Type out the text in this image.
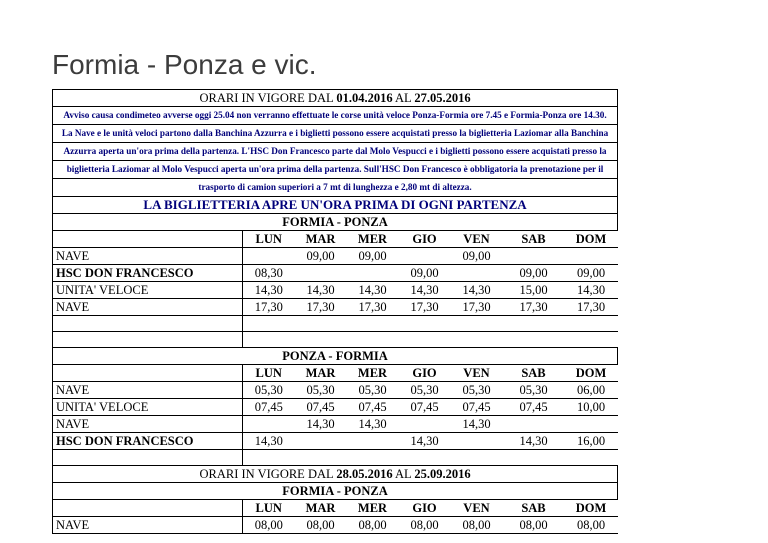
Formia - Ponza e vic.
ORARI IN VIGORE DAL 01.04.2016 AL 27.05.2016							
Avviso causa condimeteo avverse oggi 25.04 non verranno effettuate le corse unità veloce Ponza-Formia ore 7.45 e Formia-Ponza ore 14.30.							
La Nave e le unità veloci partono dalla Banchina Azzurra e i biglietti possono essere acquistati presso la biglietteria Laziomar alla Banchina							
Azzurra aperta un'ora prima della partenza. L'HSC Don Francesco parte dal Molo Vespucci e i biglietti possono essere acquistati presso la							
biglietteria Laziomar al Molo Vespucci aperta un'ora prima della partenza. Sull'HSC Don Francesco è obbligatoria la prenotazione per il							
trasporto di camion superiori a 7 mt di lunghezza e 2,80 mt di altezza.							
LA BIGLIETTERIA APRE UN'ORA PRIMA DI OGNI PARTENZA							
FORMIA - PONZA							
	LUN	MAR	MER	GIO	VEN	SAB	DOM
NAVE		09,00	09,00		09,00		
HSC DON FRANCESCO	08,30			09,00		09,00	09,00
UNITA' VELOCE	14,30	14,30	14,30	14,30	14,30	15,00	14,30
NAVE	17,30	17,30	17,30	17,30	17,30	17,30	17,30

PONZA - FORMIA							
	LUN	MAR	MER	GIO	VEN	SAB	DOM
NAVE	05,30	05,30	05,30	05,30	05,30	05,30	06,00
UNITA' VELOCE	07,45	07,45	07,45	07,45	07,45	07,45	10,00
NAVE		14,30	14,30		14,30		
HSC DON FRANCESCO	14,30			14,30		14,30	16,00

ORARI IN VIGORE DAL 28.05.2016 AL 25.09.2016							
FORMIA - PONZA							
	LUN	MAR	MER	GIO	VEN	SAB	DOM
NAVE	08,00	08,00	08,00	08,00	08,00	08,00	08,00
